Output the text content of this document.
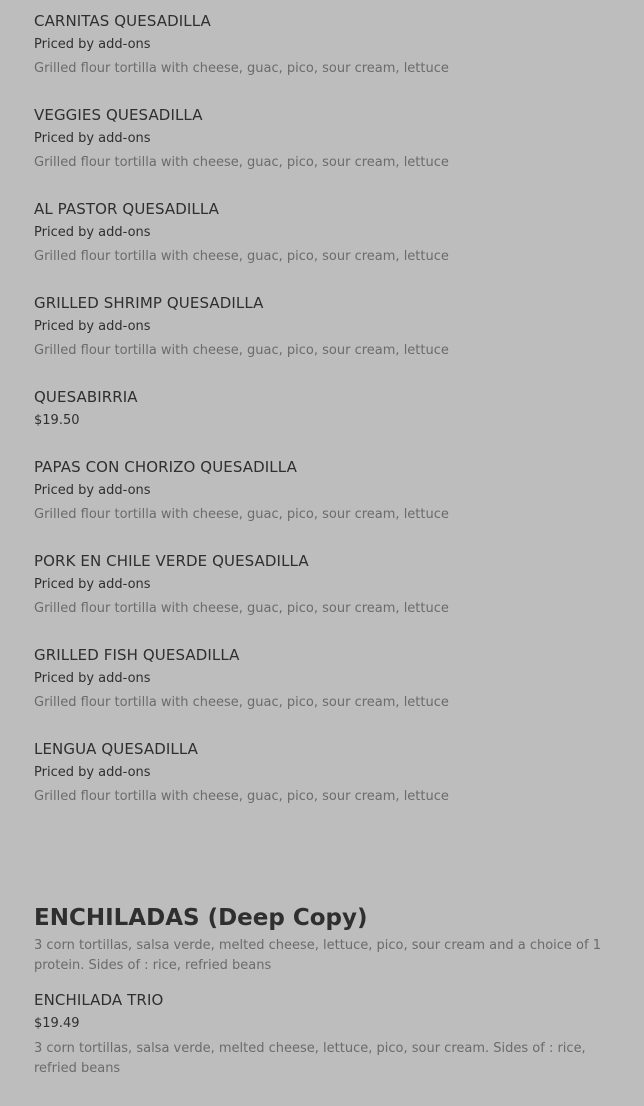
CARNITAS QUESADILLA
Priced by add-ons
Grilled flour tortilla with cheese, guac, pico, sour cream, lettuce
VEGGIES QUESADILLA
Priced by add-ons
Grilled flour tortilla with cheese, guac, pico, sour cream, lettuce
AL PASTOR QUESADILLA
Priced by add-ons
Grilled flour tortilla with cheese, guac, pico, sour cream, lettuce
GRILLED SHRIMP QUESADILLA
Priced by add-ons
Grilled flour tortilla with cheese, guac, pico, sour cream, lettuce
QUESABIRRIA
$19.50
PAPAS CON CHORIZO QUESADILLA
Priced by add-ons
Grilled flour tortilla with cheese, guac, pico, sour cream, lettuce
PORK EN CHILE VERDE QUESADILLA
Priced by add-ons
Grilled flour tortilla with cheese, guac, pico, sour cream, lettuce
GRILLED FISH QUESADILLA
Priced by add-ons
Grilled flour tortilla with cheese, guac, pico, sour cream, lettuce
LENGUA QUESADILLA
Priced by add-ons
Grilled flour tortilla with cheese, guac, pico, sour cream, lettuce
ENCHILADAS (Deep Copy)
3 corn tortillas, salsa verde, melted cheese, lettuce, pico, sour cream and a choice of 1 protein. Sides of : rice, refried beans
ENCHILADA TRIO
$19.49
3 corn tortillas, salsa verde, melted cheese, lettuce, pico, sour cream. Sides of : rice, refried beans
